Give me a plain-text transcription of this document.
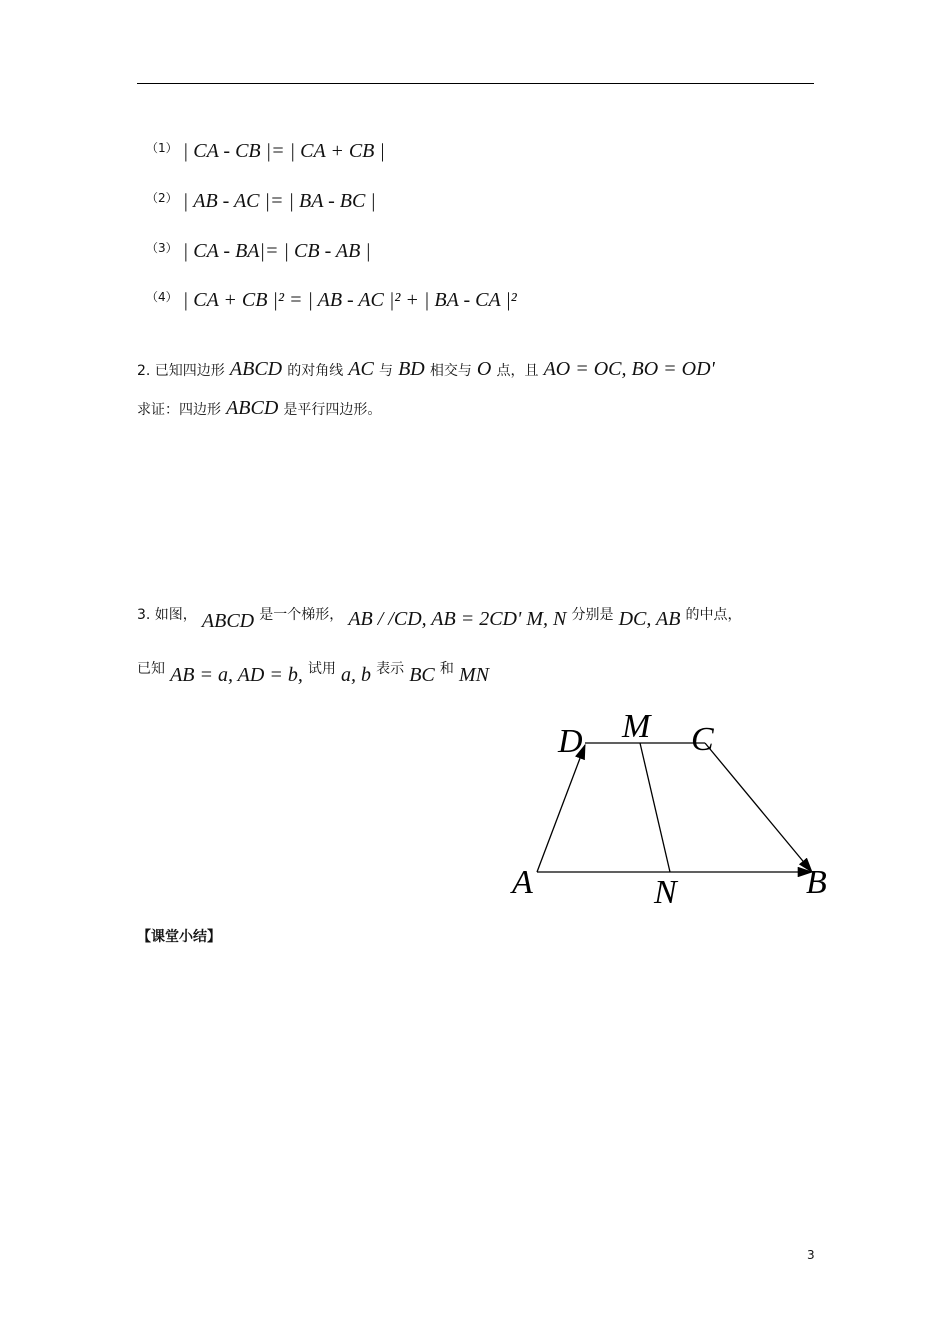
（1） | CA - CB |= | CA + CB |
（2） | AB - AC |= | BA - BC |
（3） | CA - BA|= | CB - AB |
（4） | CA + CB |² = | AB - AC |² + | BA - CA |²
2. 已知四边形 ABCD 的对角线 AC 与 BD 相交与 O 点，且 AO = OC, BO = OD'
求证：四边形 ABCD 是平行四边形。
3. 如图， ABCD 是一个梯形， AB / /CD, AB = 2CD' M, N 分别是 DC, AB 的中点，
已知 AB = a, AD = b, 试用 a, b 表示 BC 和 MN
D M C
A	N	B
【课堂小结】
3
